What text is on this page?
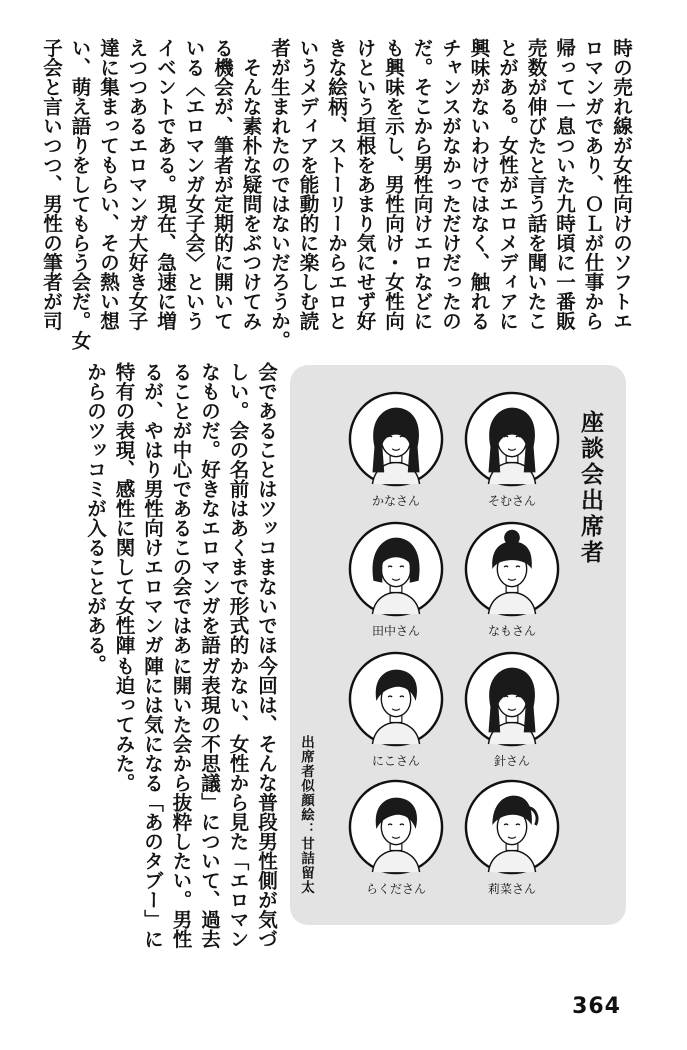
時の売れ線が女性向けのソフトエ
ロマンガであり、ＯＬが仕事から
帰って一息ついた九時頃に一番販
売数が伸びたと言う話を聞いたこ
とがある。女性がエロメディアに
興味がないわけではなく、触れる
チャンスがなかっただけだったの
だ。そこから男性向けエロなどに
も興味を示し、男性向け・女性向
けという垣根をあまり気にせず好
きな絵柄、ストーリーからエロと
いうメディアを能動的に楽しむ読
者が生まれたのではないだろうか。
　そんな素朴な疑問をぶつけてみ
る機会が、筆者が定期的に開いて
いる〈エロマンガ女子会〉という
イベントである。現在、急速に増
えつつあるエロマンガ大好き女子
達に集まってもらい、その熱い想
い、萌え語りをしてもらう会だ。女
子会と言いつつ、男性の筆者が司
座談会出席者
出席者似顔絵：甘詰留太
そむさん
なもさん
針さん
莉菜さん
かなさん
田中さん
にこさん
らくださん
会であることはツッコまないでほ
しい。会の名前はあくまで形式的
なものだ。好きなエロマンガを語
ることが中心であるこの会ではあ
るが、やはり男性向けエロマンガ
特有の表現、感性に関して女性陣
からのツッコミが入ることがある。
今回は、そんな普段男性側が気づ
かない、女性から見た「エロマン
ガ表現の不思議」について、過去
に開いた会から抜粋したい。男性
陣には気になる「あのタブー」に
も迫ってみた。
364
